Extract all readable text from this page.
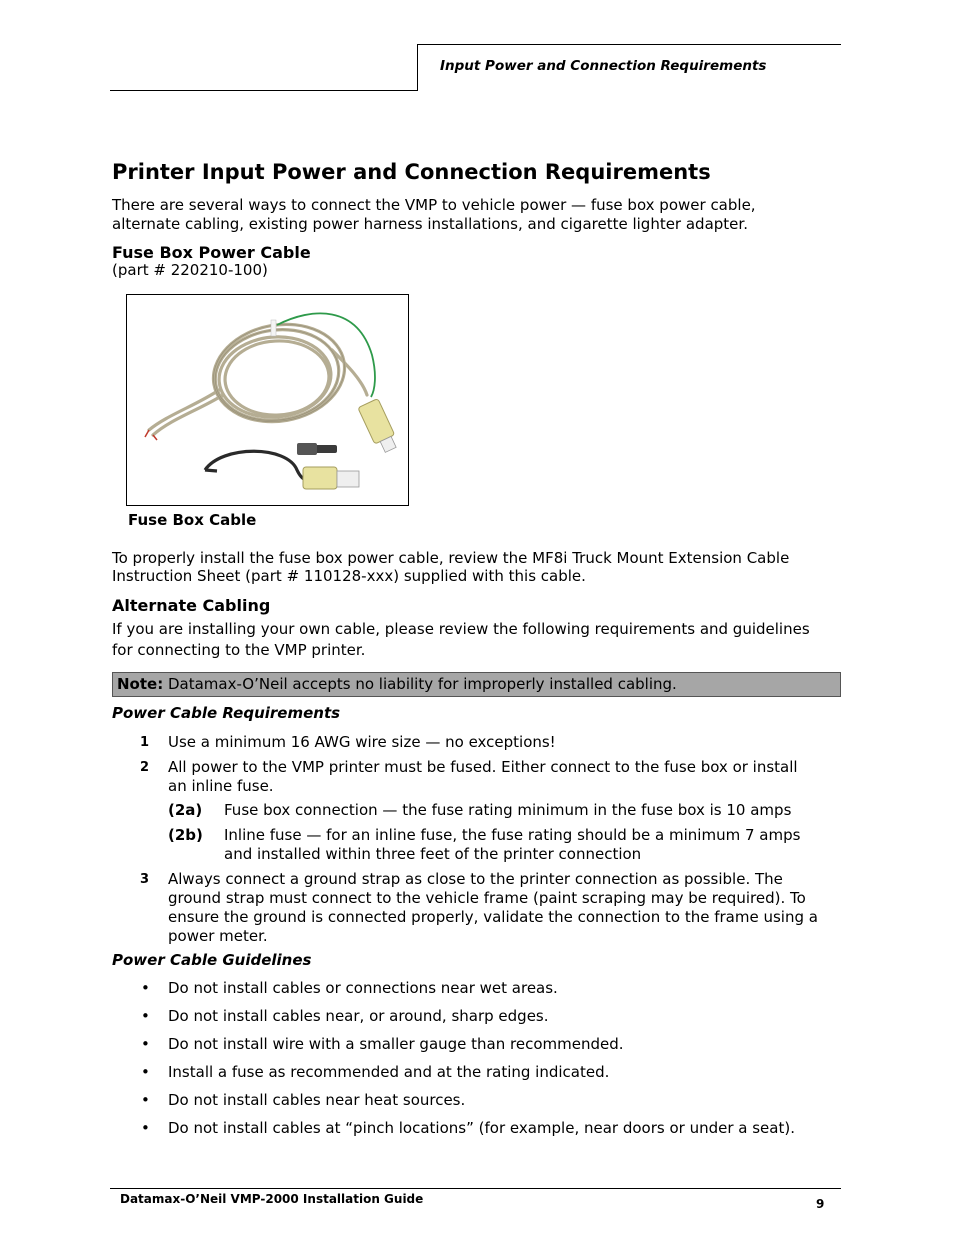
Input Power and Connection Requirements
Printer Input Power and Connection Requirements
There are several ways to connect the VMP to vehicle power — fuse box power cable,
alternate cabling, existing power harness installations, and cigarette lighter adapter.
Fuse Box Power Cable
(part # 220210-100)
Fuse Box Cable
To properly install the fuse box power cable, review the MF8i Truck Mount Extension Cable
Instruction Sheet (part # 110128-xxx) supplied with this cable.
Alternate Cabling
If you are installing your own cable, please review the following requirements and guidelines
for connecting to the VMP printer.
Note: Datamax-O’Neil accepts no liability for improperly installed cabling.
Power Cable Requirements
1 Use a minimum 16 AWG wire size — no exceptions!
2 All power to the VMP printer must be fused. Either connect to the fuse box or install
an inline fuse.
(2a) Fuse box connection — the fuse rating minimum in the fuse box is 10 amps
(2b) Inline fuse — for an inline fuse, the fuse rating should be a minimum 7 amps
and installed within three feet of the printer connection
3 Always connect a ground strap as close to the printer connection as possible. The
ground strap must connect to the vehicle frame (paint scraping may be required). To
ensure the ground is connected properly, validate the connection to the frame using a
power meter.
Power Cable Guidelines
• Do not install cables or connections near wet areas.
• Do not install cables near, or around, sharp edges.
• Do not install wire with a smaller gauge than recommended.
• Install a fuse as recommended and at the rating indicated.
• Do not install cables near heat sources.
• Do not install cables at “pinch locations” (for example, near doors or under a seat).
Datamax-O’Neil VMP-2000 Installation Guide	9
